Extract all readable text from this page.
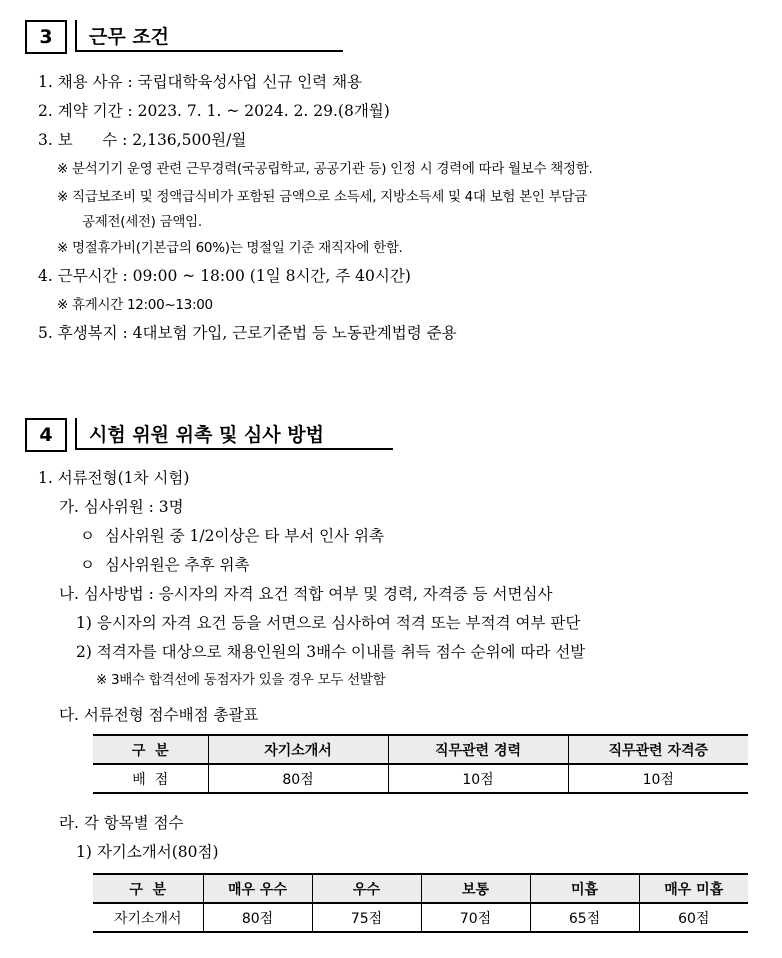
3	근무 조건
1. 채용 사유 : 국립대학육성사업 신규 인력 채용
2. 계약 기간 : 2023. 7. 1. ~ 2024. 2. 29.(8개월)
3. 보      수 : 2,136,500원/월
※ 분석기기 운영 관련 근무경력(국공립학교, 공공기관 등) 인정 시 경력에 따라 월보수 책정함.
※ 직급보조비 및 정액급식비가 포함된 금액으로 소득세, 지방소득세 및 4대 보험 본인 부담금
공제전(세전) 금액임.
※ 명절휴가비(기본급의 60%)는 명절일 기준 재직자에 한함.
4. 근무시간 : 09:00 ~ 18:00 (1일 8시간, 주 40시간)
※ 휴게시간 12:00~13:00
5. 후생복지 : 4대보험 가입, 근로기준법 등 노동관계법령 준용
4	시험 위원 위촉 및 심사 방법
1. 서류전형(1차 시험)
가. 심사위원 : 3명
ㅇ  심사위원 중 1/2이상은 타 부서 인사 위촉
ㅇ  심사위원은 추후 위촉
나. 심사방법 : 응시자의 자격 요건 적합 여부 및 경력, 자격증 등 서면심사
1) 응시자의 자격 요건 등을 서면으로 심사하여 적격 또는 부적격 여부 판단
2) 적격자를 대상으로 채용인원의 3배수 이내를 취득 점수 순위에 따라 선발
※ 3배수 합격선에 동점자가 있을 경우 모두 선발함
다. 서류전형 점수배점 총괄표
구  분	자기소개서	직무관련 경력	직무관련 자격증
배  점	80점	10점	10점
라. 각 항목별 점수
1) 자기소개서(80점)
구  분	매우 우수	우수	보통	미흡	매우 미흡
자기소개서	80점	75점	70점	65점	60점
